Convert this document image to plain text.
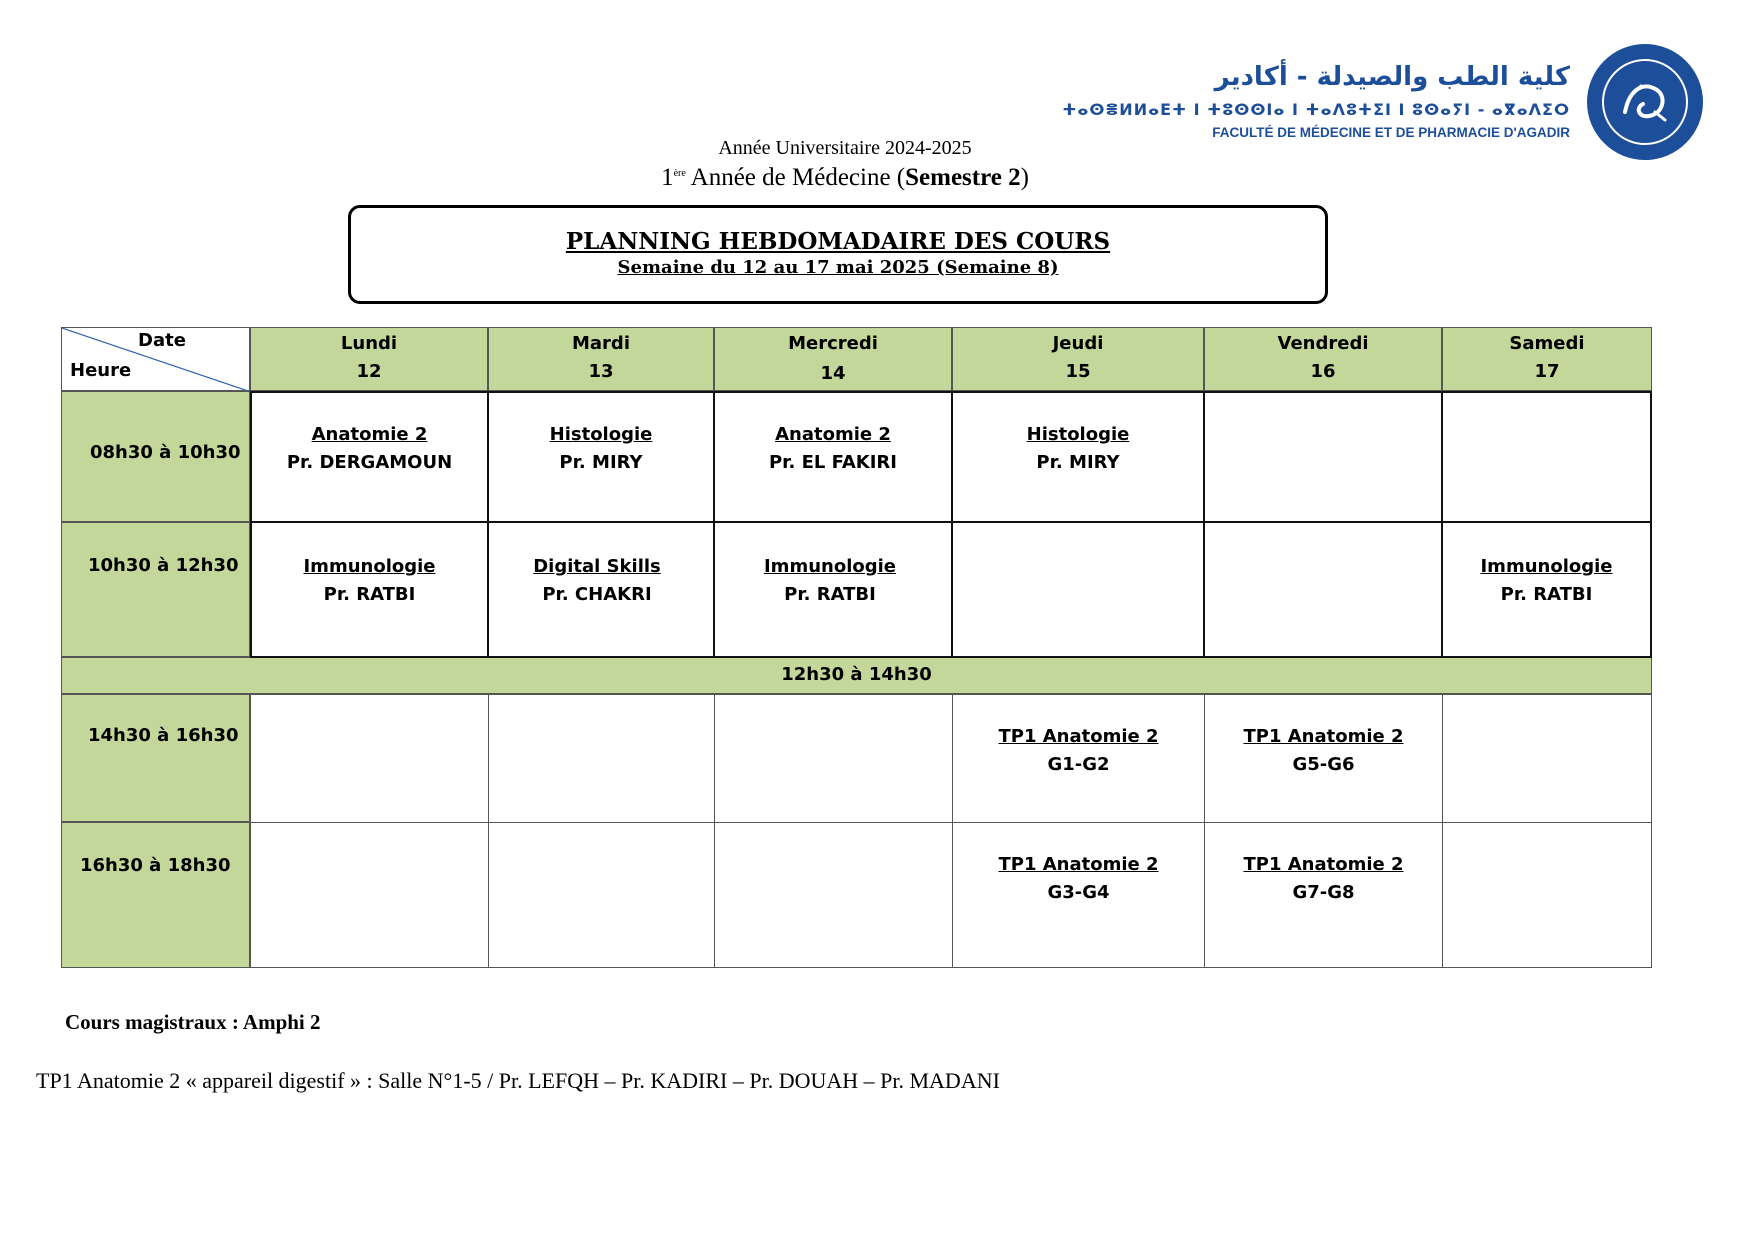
كلية الطب والصيدلة - أكادير
ⵜⴰⵙⴻⵍⵍⴰⴹⵜ ⵏ ⵜⵓⵙⵙⵏⴰ ⵏ ⵜⴰⴷⵓⵜⵉⵏ ⵏ ⵓⵙⴰⵢⵏ - ⴰⴳⴰⴷⵉⵔ
FACULTÉ DE MÉDECINE ET DE PHARMACIE D'AGADIR
Année Universitaire 2024-2025
1ère Année de Médecine (Semestre 2)
PLANNING HEBDOMADAIRE DES COURS
Semaine du 12 au 17 mai 2025 (Semaine 8)
Date
Heure
Lundi
12
Mardi
13
Mercredi
14
Jeudi
15
Vendredi
16
Samedi
17
08h30 à 10h30
10h30 à 12h30
14h30 à 16h30
16h30 à 18h30
12h30 à 14h30
Anatomie 2
Pr. DERGAMOUN
Histologie
Pr. MIRY
Anatomie 2
Pr. EL FAKIRI
Histologie
Pr. MIRY
Immunologie
Pr. RATBI
Digital Skills
Pr. CHAKRI
Immunologie
Pr. RATBI
Immunologie
Pr. RATBI
TP1 Anatomie 2
G1-G2
TP1 Anatomie 2
G5-G6
TP1 Anatomie 2
G3-G4
TP1 Anatomie 2
G7-G8
Cours magistraux : Amphi 2
TP1 Anatomie 2 « appareil digestif » : Salle N°1-5 / Pr. LEFQH – Pr. KADIRI – Pr. DOUAH – Pr. MADANI
